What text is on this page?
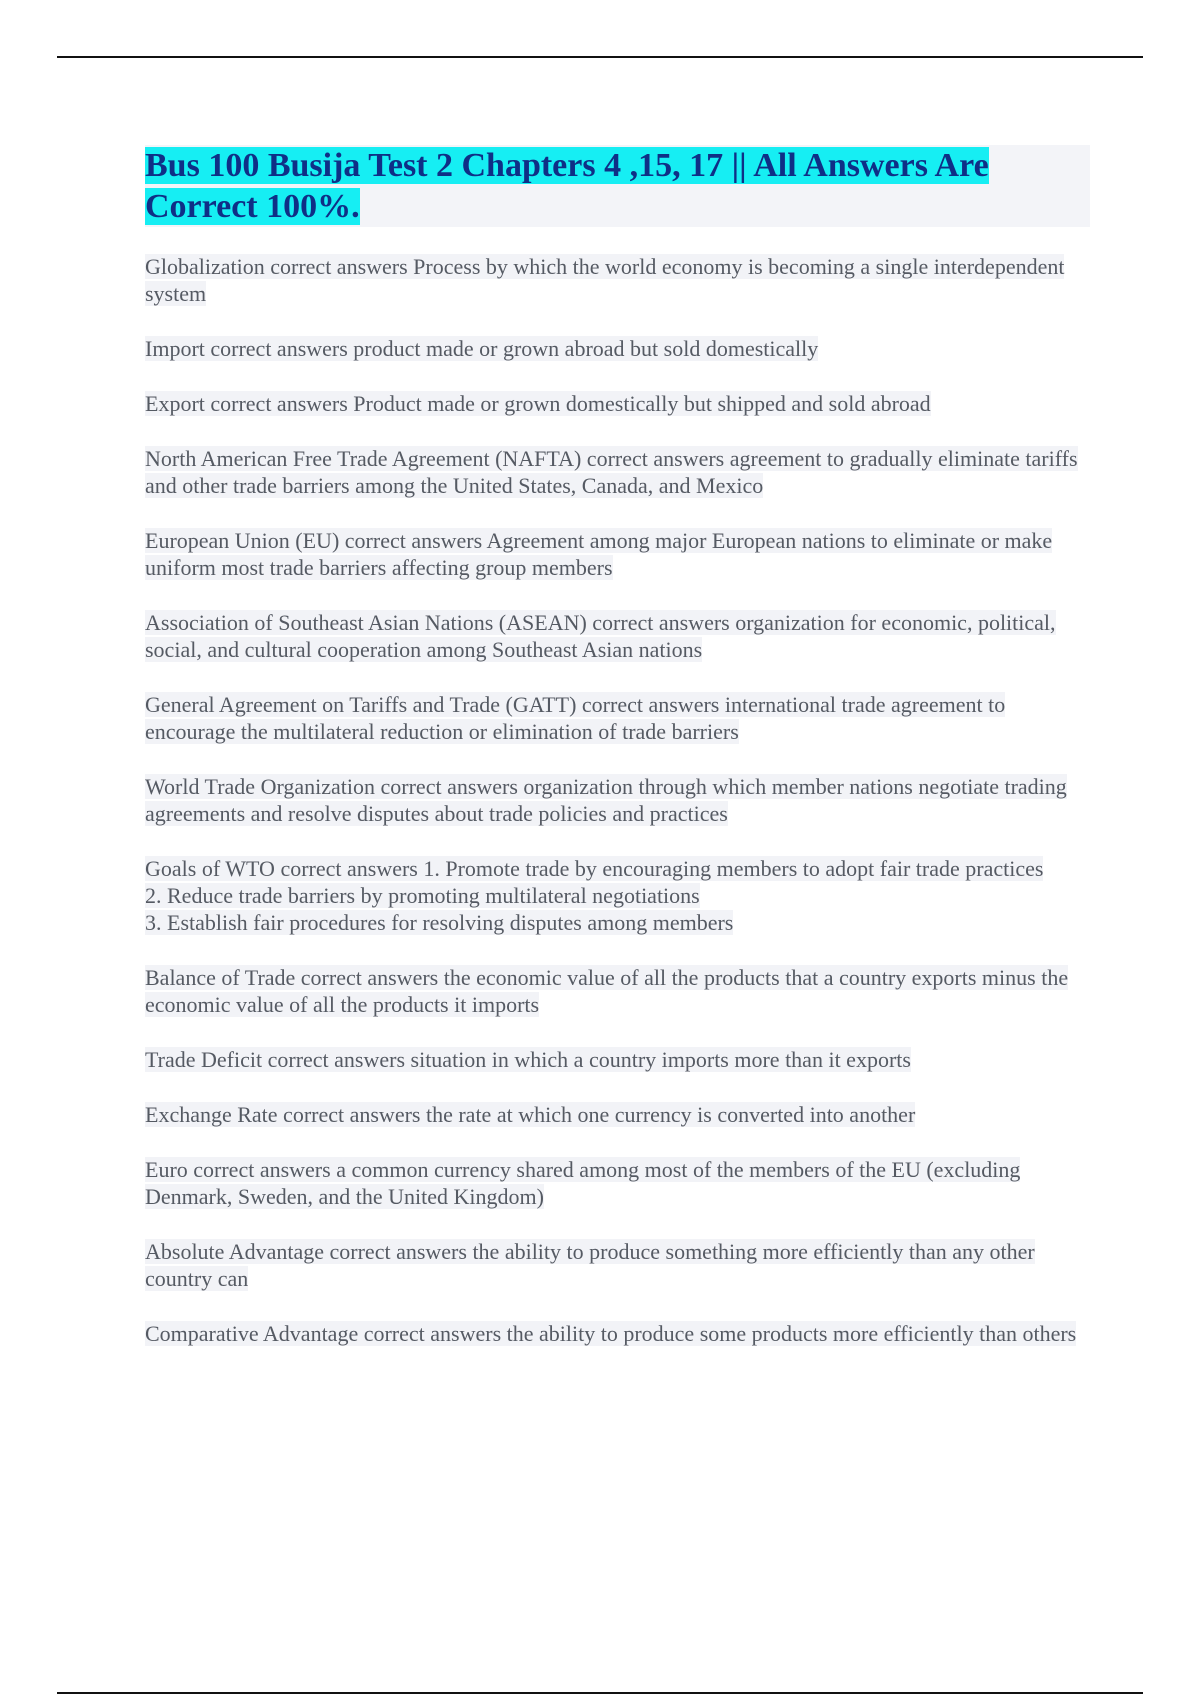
Bus 100 Busija Test 2 Chapters 4 ,15, 17 || All Answers Are Correct 100%.

Globalization correct answers Process by which the world economy is becoming a single interdependent system

Import correct answers product made or grown abroad but sold domestically

Export correct answers Product made or grown domestically but shipped and sold abroad

North American Free Trade Agreement (NAFTA) correct answers agreement to gradually eliminate tariffs and other trade barriers among the United States, Canada, and Mexico

European Union (EU) correct answers Agreement among major European nations to eliminate or make uniform most trade barriers affecting group members

Association of Southeast Asian Nations (ASEAN) correct answers organization for economic, political, social, and cultural cooperation among Southeast Asian nations

General Agreement on Tariffs and Trade (GATT) correct answers international trade agreement to encourage the multilateral reduction or elimination of trade barriers

World Trade Organization correct answers organization through which member nations negotiate trading agreements and resolve disputes about trade policies and practices

Goals of WTO correct answers 1. Promote trade by encouraging members to adopt fair trade practices
2. Reduce trade barriers by promoting multilateral negotiations
3. Establish fair procedures for resolving disputes among members

Balance of Trade correct answers the economic value of all the products that a country exports minus the economic value of all the products it imports

Trade Deficit correct answers situation in which a country imports more than it exports

Exchange Rate correct answers the rate at which one currency is converted into another

Euro correct answers a common currency shared among most of the members of the EU (excluding Denmark, Sweden, and the United Kingdom)

Absolute Advantage correct answers the ability to produce something more efficiently than any other country can

Comparative Advantage correct answers the ability to produce some products more efficiently than others
